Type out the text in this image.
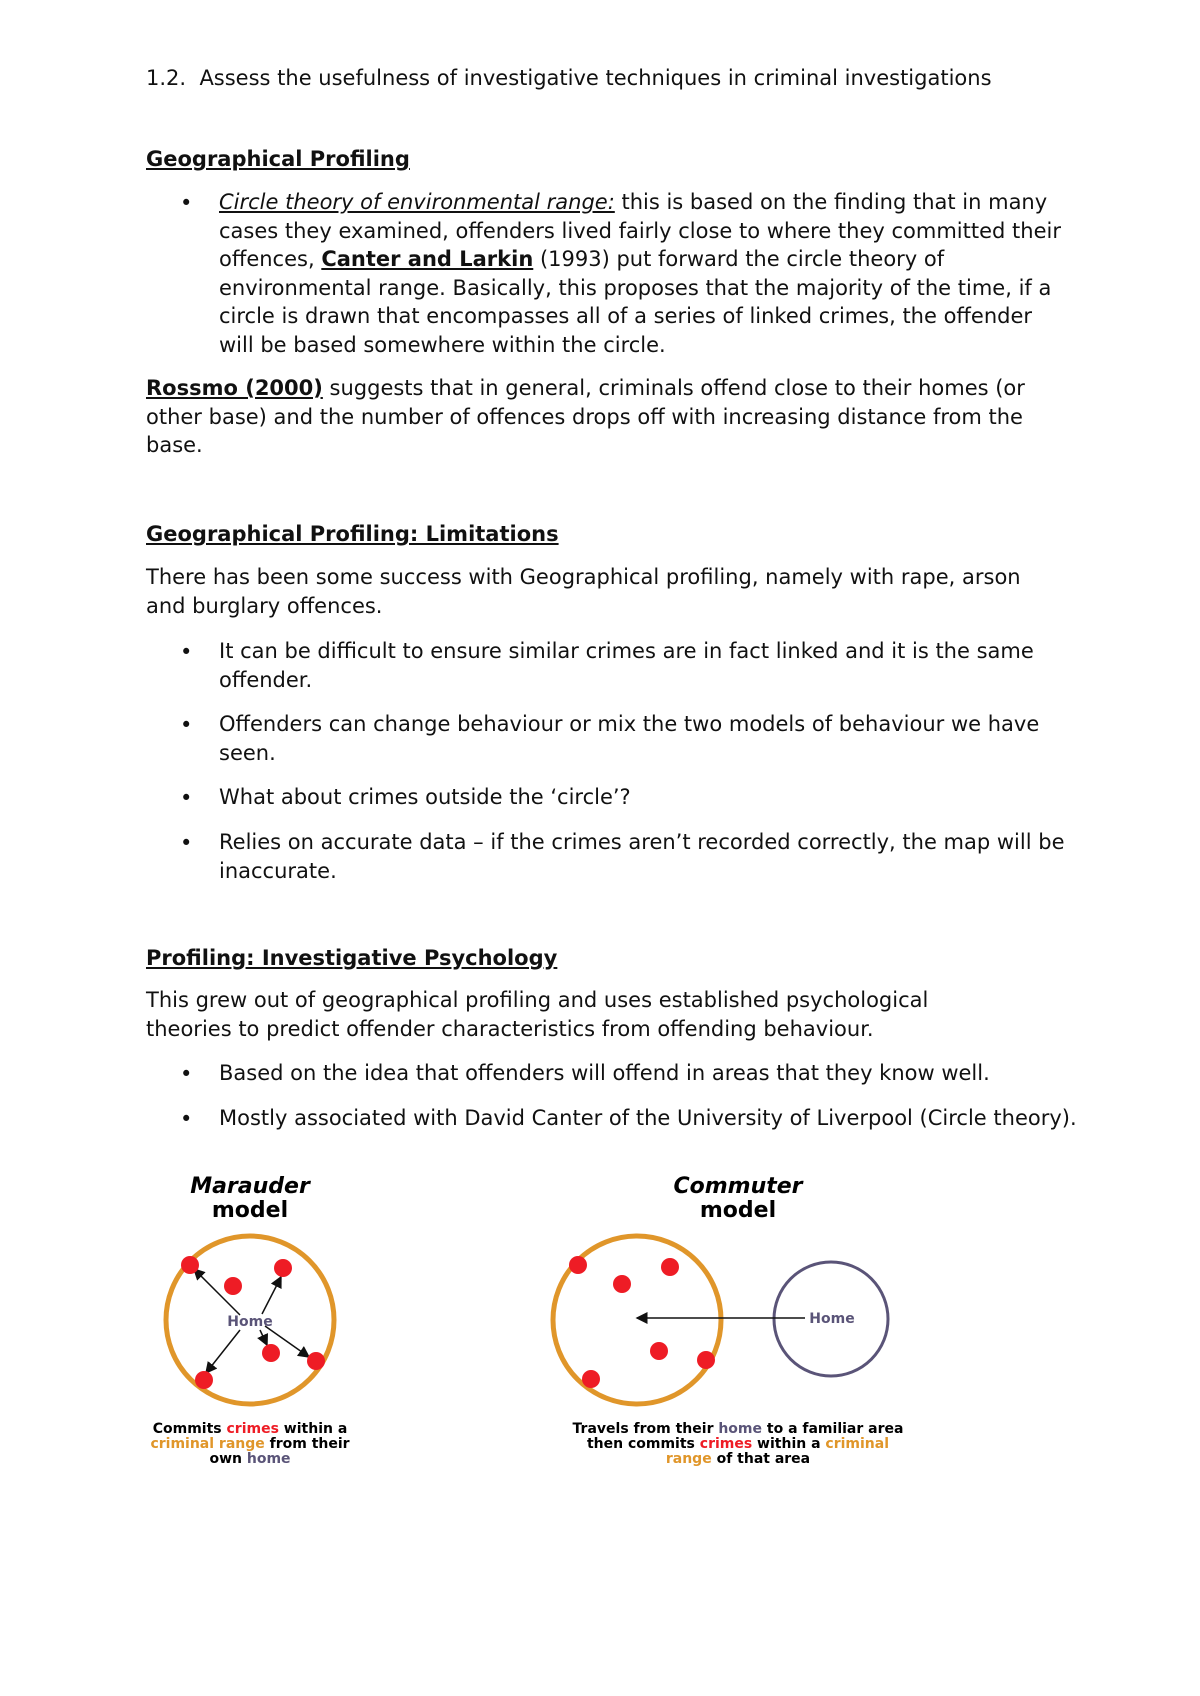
1.2. Assess the usefulness of investigative techniques in criminal investigations
Geographical Profiling
• Circle theory of environmental range: this is based on the finding that in many cases they examined, offenders lived fairly close to where they committed their offences, Canter and Larkin (1993) put forward the circle theory of environmental range. Basically, this proposes that the majority of the time, if a circle is drawn that encompasses all of a series of linked crimes, the offender will be based somewhere within the circle.
Rossmo (2000) suggests that in general, criminals offend close to their homes (or other base) and the number of offences drops off with increasing distance from the base.
Geographical Profiling: Limitations
There has been some success with Geographical profiling, namely with rape, arson and burglary offences.
• It can be difficult to ensure similar crimes are in fact linked and it is the same offender.
• Offenders can change behaviour or mix the two models of behaviour we have seen.
• What about crimes outside the ‘circle’?
• Relies on accurate data – if the crimes aren’t recorded correctly, the map will be inaccurate.
Profiling: Investigative Psychology
This grew out of geographical profiling and uses established psychological theories to predict offender characteristics from offending behaviour.
• Based on the idea that offenders will offend in areas that they know well.
• Mostly associated with David Canter of the University of Liverpool (Circle theory).
Marauder
model
Home
Commits crimes within a
criminal range from their
own home
Commuter
model
Home
Travels from their home to a familiar area
then commits crimes within a criminal
range of that area
